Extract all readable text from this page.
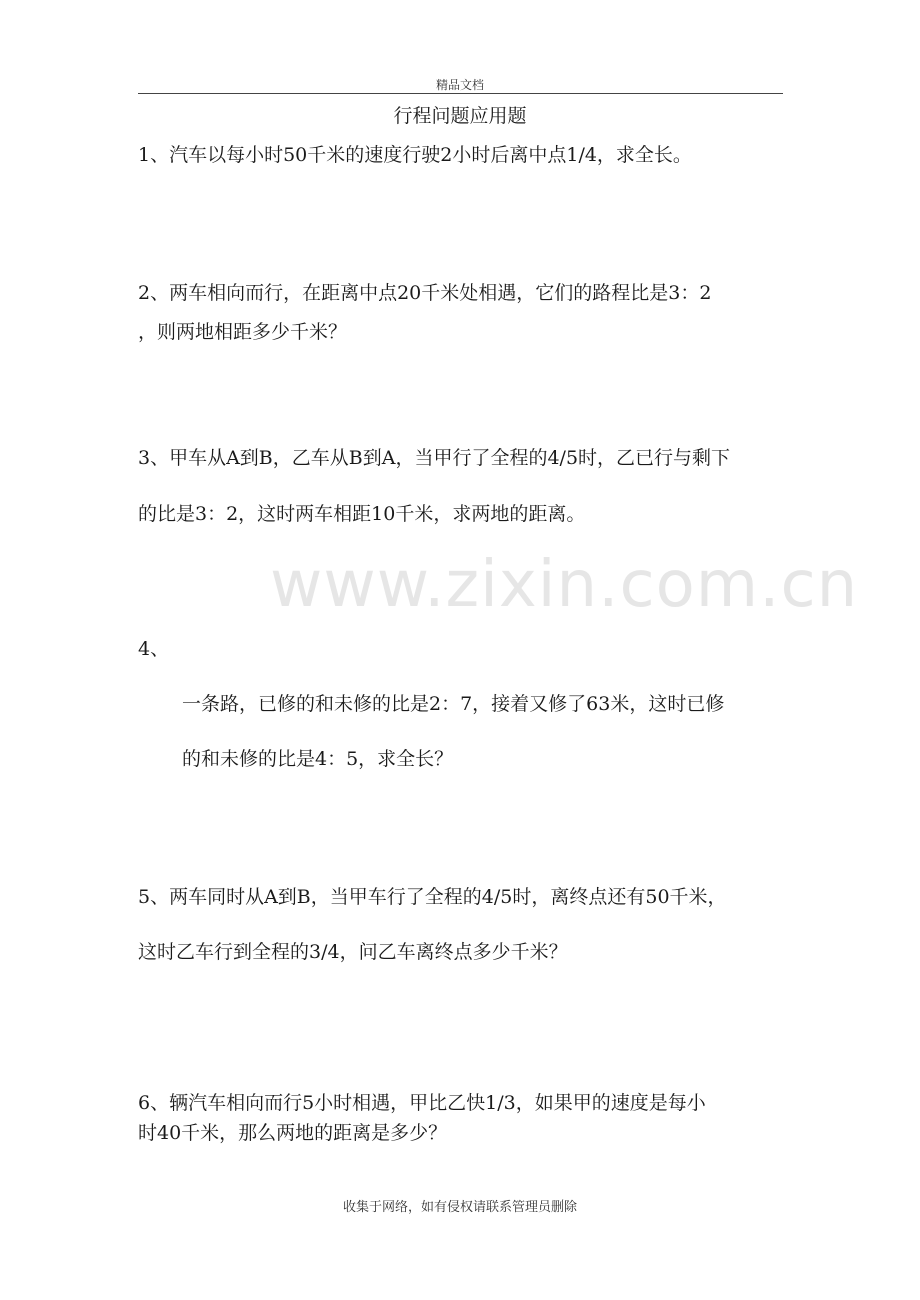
精品文档
行程问题应用题
1、汽车以每小时50千米的速度行驶2小时后离中点1/4，求全长。
2、两车相向而行，在距离中点20千米处相遇，它们的路程比是3：2
，则两地相距多少千米？
3、甲车从A到B，乙车从B到A，当甲行了全程的4/5时，乙已行与剩下
的比是3：2，这时两车相距10千米，求两地的距离。
4、
一条路，已修的和未修的比是2：7，接着又修了63米，这时已修
的和未修的比是4：5，求全长？
5、两车同时从A到B，当甲车行了全程的4/5时，离终点还有50千米，
这时乙车行到全程的3/4，问乙车离终点多少千米？
6、辆汽车相向而行5小时相遇，甲比乙快1/3，如果甲的速度是每小
时40千米，那么两地的距离是多少？
www.zixin.com.cn
收集于网络，如有侵权请联系管理员删除
